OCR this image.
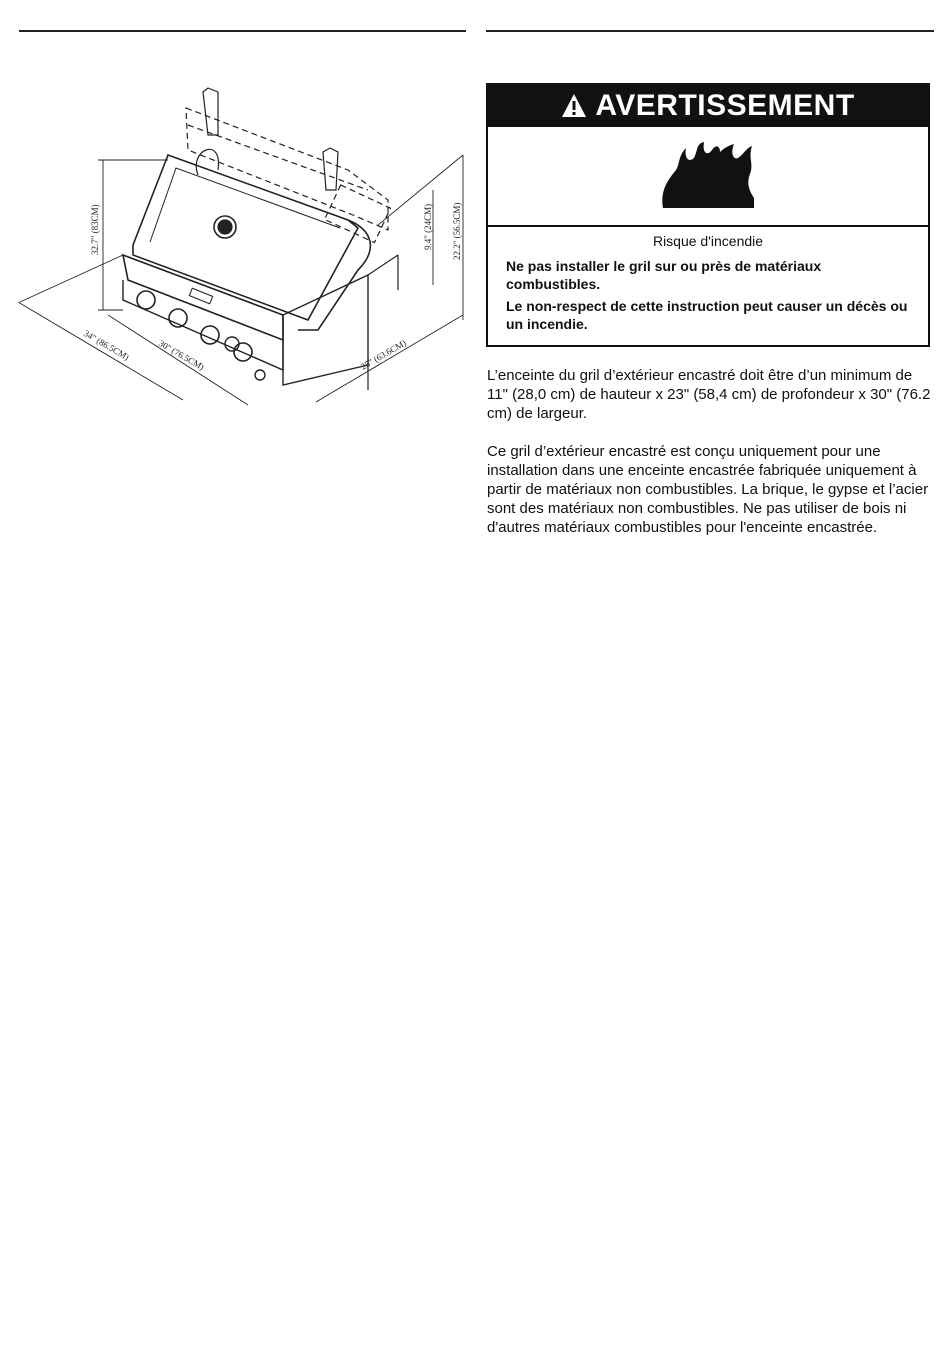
32.7" (83CM)	9.4" (24CM) 22.2" (56.5CM)
34" (86.5CM)	30" (76.5CM)	25" (63.6CM)
AVERTISSEMENT
Risque d'incendie
Ne pas installer le gril sur ou près de matériaux combustibles.
Le non-respect de cette instruction peut causer un décès ou un incendie.
L’enceinte du gril d’extérieur encastré doit être d’un minimum de 11" (28,0 cm) de hauteur x 23" (58,4 cm) de profondeur x 30" (76.2 cm) de largeur.
Ce gril d’extérieur encastré est conçu uniquement pour une installation dans une enceinte encastrée fabriquée uniquement à partir de matériaux non combustibles. La brique, le gypse et l’acier sont des matériaux non combustibles. Ne pas utiliser de bois ni d'autres matériaux combustibles pour l'enceinte encastrée.
